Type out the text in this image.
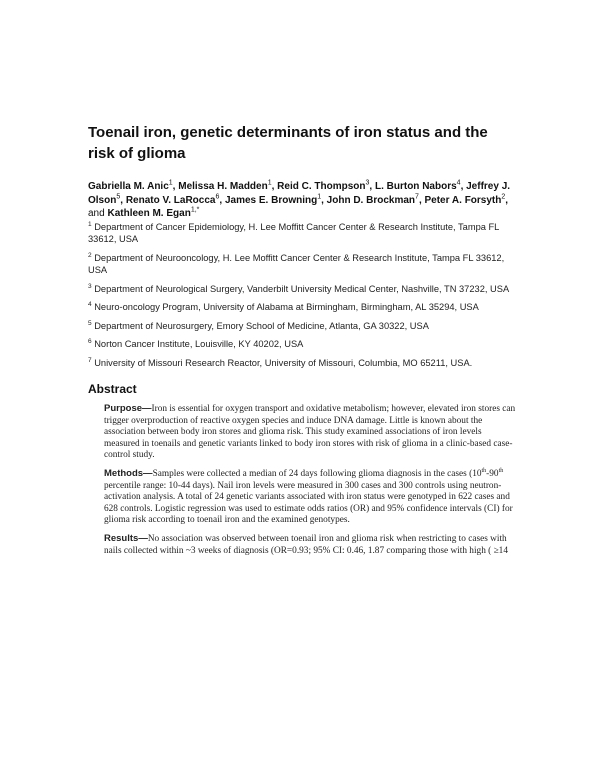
Toenail iron, genetic determinants of iron status and the risk of glioma

Gabriella M. Anic$^1$, Melissa H. Madden$^1$, Reid C. Thompson$^3$, L. Burton Nabors$^4$, Jeffrey J. Olson$^5$, Renato V. LaRocca$^6$, James E. Browning$^1$, John D. Brockman$^7$, Peter A. Forsyth$^2$, and Kathleen M. Egan$^{1,*}$

$^1$ Department of Cancer Epidemiology, H. Lee Moffitt Cancer Center & Research Institute, Tampa FL 33612, USA
$^2$ Department of Neurooncology, H. Lee Moffitt Cancer Center & Research Institute, Tampa FL 33612, USA
$^3$ Department of Neurological Surgery, Vanderbilt University Medical Center, Nashville, TN 37232, USA
$^4$ Neuro-oncology Program, University of Alabama at Birmingham, Birmingham, AL 35294, USA
$^5$ Department of Neurosurgery, Emory School of Medicine, Atlanta, GA 30322, USA
$^6$ Norton Cancer Institute, Louisville, KY 40202, USA
$^7$ University of Missouri Research Reactor, University of Missouri, Columbia, MO 65211, USA.
Abstract

Purpose—Iron is essential for oxygen transport and oxidative metabolism; however, elevated iron stores can trigger overproduction of reactive oxygen species and induce DNA damage. Little is known about the association between body iron stores and glioma risk. This study examined associations of iron levels measured in toenails and genetic variants linked to body iron stores with risk of glioma in a clinic-based case-control study.

Methods—Samples were collected a median of 24 days following glioma diagnosis in the cases (10th-90th percentile range: 10-44 days). Nail iron levels were measured in 300 cases and 300 controls using neutron-activation analysis. A total of 24 genetic variants associated with iron status were genotyped in 622 cases and 628 controls. Logistic regression was used to estimate odds ratios (OR) and 95% confidence intervals (CI) for glioma risk according to toenail iron and the examined genotypes.

Results—No association was observed between toenail iron and glioma risk when restricting to cases with nails collected within ~3 weeks of diagnosis (OR=0.93; 95% CI: 0.46, 1.87 comparing those with high ( ≥14
